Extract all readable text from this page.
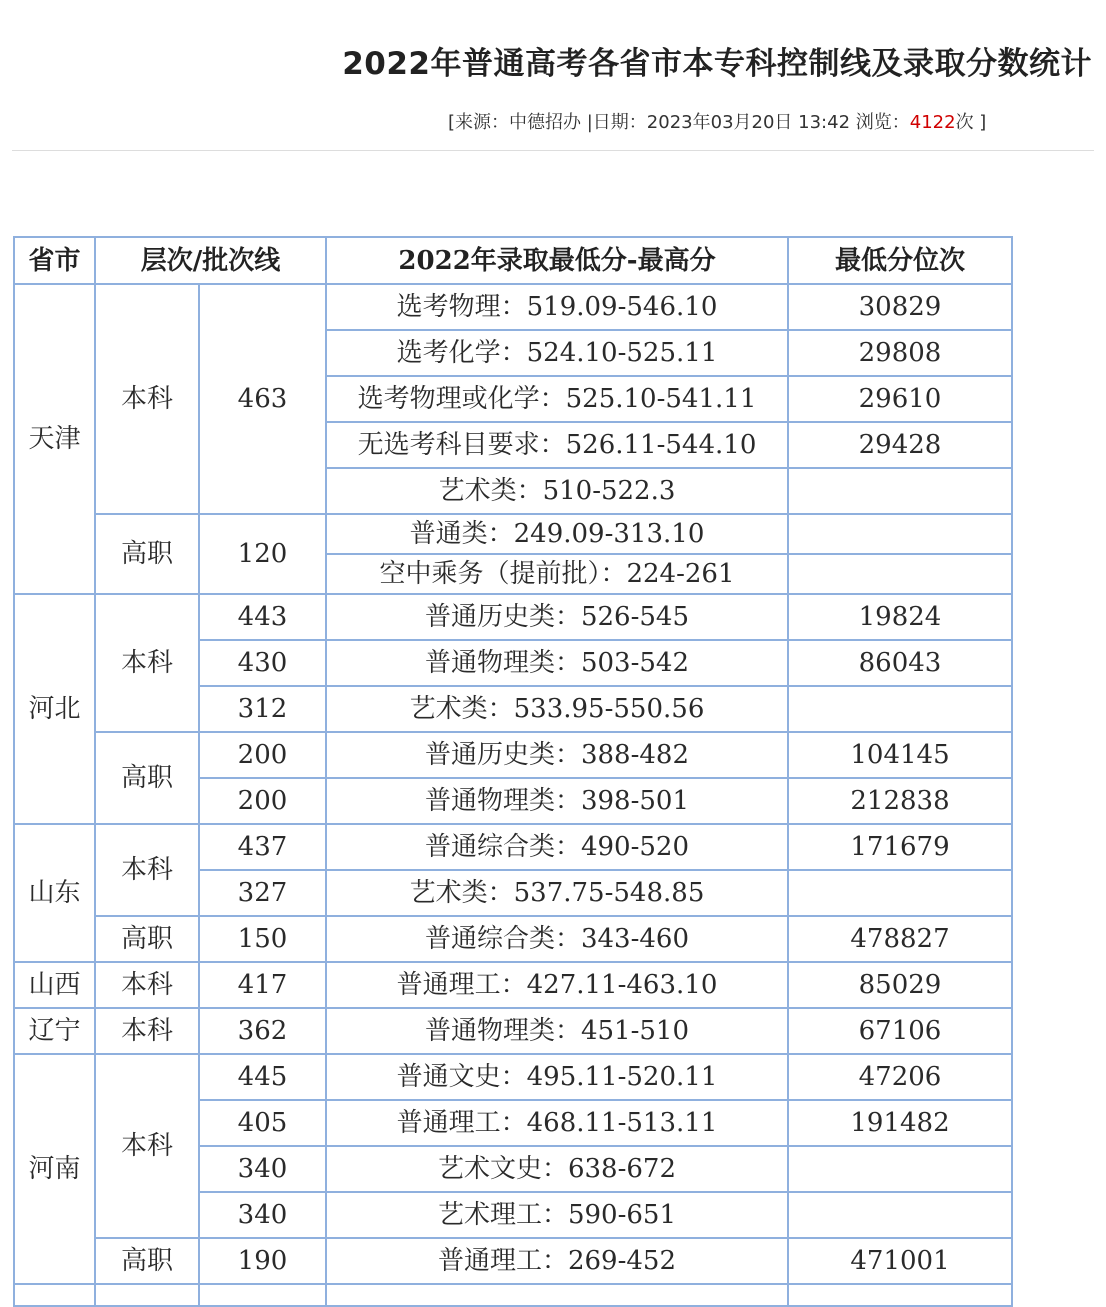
2022年普通高考各省市本专科控制线及录取分数统计
[来源：中德招办 |日期：2023年03月20日 13:42 浏览：4122次 ]
省市	层次/批次线		2022年录取最低分-最高分	最低分位次
天津	本科	463	选考物理：519.09-546.10	30829
			选考化学：524.10-525.11	29808
			选考物理或化学：525.10-541.11	29610
			无选考科目要求：526.11-544.10	29428
			艺术类：510-522.3	
	高职	120	普通类：249.09-313.10	
			空中乘务（提前批）：224-261	
河北	本科	443	普通历史类：526-545	19824
		430	普通物理类：503-542	86043
		312	艺术类：533.95-550.56	
	高职	200	普通历史类：388-482	104145
		200	普通物理类：398-501	212838
山东	本科	437	普通综合类：490-520	171679
		327	艺术类：537.75-548.85	
	高职	150	普通综合类：343-460	478827
山西	本科	417	普通理工：427.11-463.10	85029
辽宁	本科	362	普通物理类：451-510	67106
河南	本科	445	普通文史：495.11-520.11	47206
		405	普通理工：468.11-513.11	191482
		340	艺术文史：638-672	
		340	艺术理工：590-651	
	高职	190	普通理工：269-452	471001
